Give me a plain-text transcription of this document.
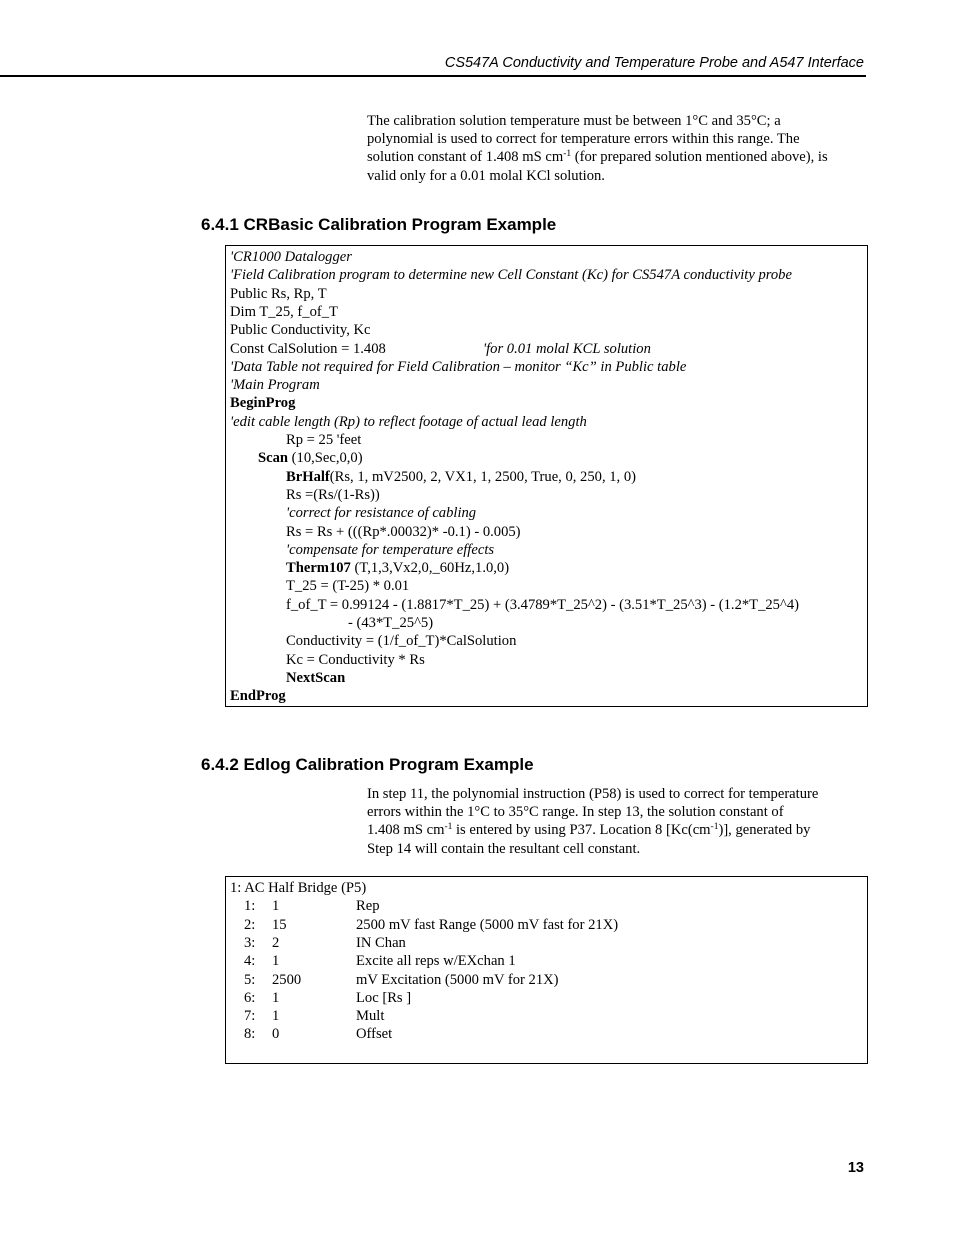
CS547A Conductivity and Temperature Probe and A547 Interface

The calibration solution temperature must be between 1°C and 35°C; a

polynomial is used to correct for temperature errors within this range. The

solution constant of 1.408 mS $cm^{-1}$ (for prepared solution mentioned above), is

valid only for a 0.01 molal KCl solution.

6.4.1 CRBasic Calibration Program Example
'CR1000 Datalogger
'Field Calibration program to determine new Cell Constant (Kc) for CS547A conductivity probe
Public Rs, Rp, T
Dim T_25, f_of_T
Public Conductivity, Kc
Const CalSolution = 1.408	'for 0.01 molal KCL solution
'Data Table not required for Field Calibration – monitor “Kc” in Public table
'Main Program
BeginProg
'edit cable length (Rp) to reflect footage of actual lead length
Rp = 25 'feet
Scan (10,Sec,0,0)
BrHalf(Rs, 1, mV2500, 2, VX1, 1, 2500, True, 0, 250, 1, 0)
Rs =(Rs/(1-Rs))
'correct for resistance of cabling
Rs = Rs + (((Rp*.00032)* -0.1) - 0.005)
'compensate for temperature effects
Therm107 (T,1,3,Vx2,0,_60Hz,1.0,0)
T_25 = (T-25) * 0.01
f_of_T = 0.99124 - (1.8817*T_25) + (3.4789*T_25^2) - (3.51*T_25^3) - (1.2*T_25^4)
- (43*T_25^5)
Conductivity = (1/f_of_T)*CalSolution
Kc = Conductivity * Rs
NextScan
EndProg
6.4.2 Edlog Calibration Program Example

In step 11, the polynomial instruction (P58) is used to correct for temperature

errors within the 1°C to 35°C range. In step 13, the solution constant of

1.408 mS $cm^{-1}$ is entered by using P37. Location 8 $[Kc(cm^{-1})]$, generated by

Step 14 will contain the resultant cell constant.

1: AC Half Bridge (P5)
1: 1	Rep
2: 15	2500 mV fast Range (5000 mV fast for 21X)
3: 2	IN Chan
4: 1	Excite all reps w/EXchan 1
5: 2500	mV Excitation (5000 mV for 21X)
6: 1	Loc [Rs ]
7: 1	Mult
8: 0	Offset
13
